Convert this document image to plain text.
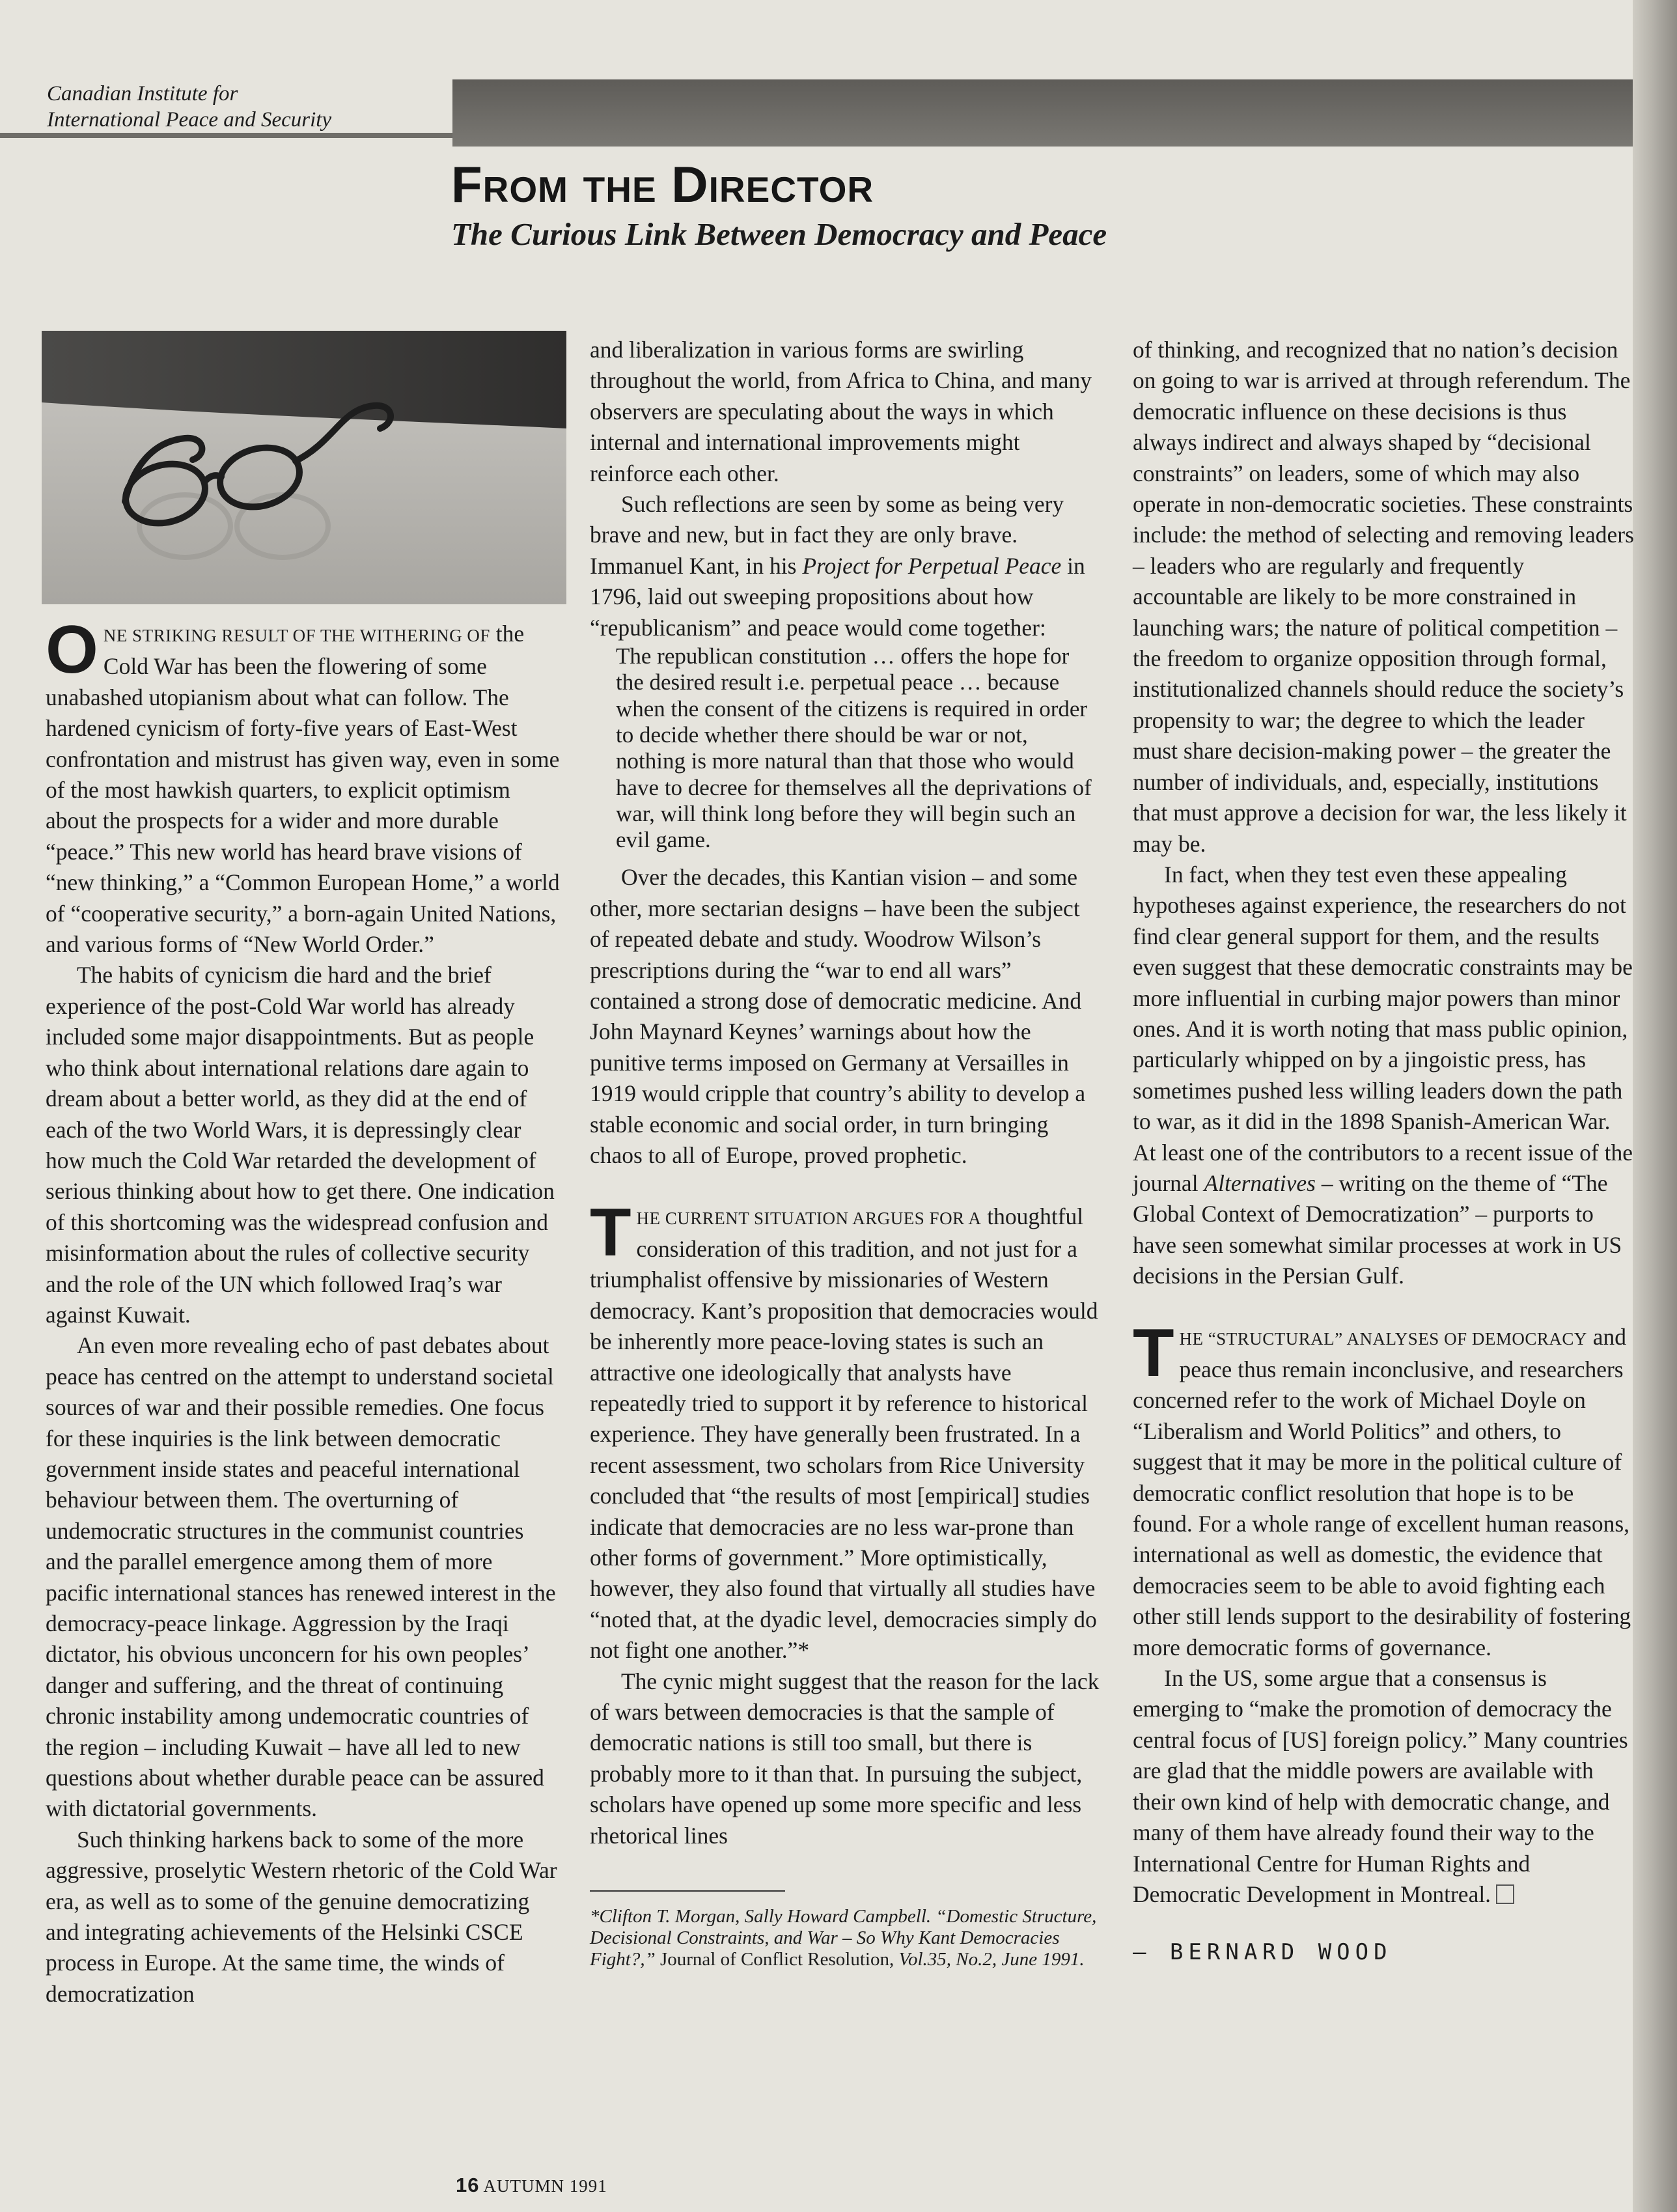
Canadian Institute for
International Peace and Security
From the Director
The Curious Link Between Democracy and Peace

ONE STRIKING RESULT OF THE WITHERING OF the Cold War has been the flowering of some unabashed utopianism about what can follow. The hardened cynicism of forty-five years of East-West confrontation and mistrust has given way, even in some of the most hawkish quarters, to explicit optimism about the prospects for a wider and more durable “peace.” This new world has heard brave visions of “new thinking,” a “Common European Home,” a world of “cooperative security,” a born-again United Nations, and various forms of “New World Order.”

The habits of cynicism die hard and the brief experience of the post-Cold War world has already included some major disappointments. But as people who think about international relations dare again to dream about a better world, as they did at the end of each of the two World Wars, it is depressingly clear how much the Cold War retarded the development of serious thinking about how to get there. One indication of this shortcoming was the widespread confusion and misinformation about the rules of collective security and the role of the UN which followed Iraq’s war against Kuwait.

An even more revealing echo of past debates about peace has centred on the attempt to understand societal sources of war and their possible remedies. One focus for these inquiries is the link between democratic government inside states and peaceful international behaviour between them. The overturning of undemocratic structures in the communist countries and the parallel emergence among them of more pacific international stances has renewed interest in the democracy-peace linkage. Aggression by the Iraqi dictator, his obvious unconcern for his own peoples’ danger and suffering, and the threat of continuing chronic instability among undemocratic countries of the region – including Kuwait – have all led to new questions about whether durable peace can be assured with dictatorial governments.

Such thinking harkens back to some of the more aggressive, proselytic Western rhetoric of the Cold War era, as well as to some of the genuine democratizing and integrating achievements of the Helsinki CSCE process in Europe. At the same time, the winds of democratization

and liberalization in various forms are swirling throughout the world, from Africa to China, and many observers are speculating about the ways in which internal and international improvements might reinforce each other.

Such reflections are seen by some as being very brave and new, but in fact they are only brave. Immanuel Kant, in his Project for Perpetual Peace in 1796, laid out sweeping propositions about how “republicanism” and peace would come together:

The republican constitution … offers the hope for the desired result i.e. perpetual peace … because when the consent of the citizens is required in order to decide whether there should be war or not, nothing is more natural than that those who would have to decree for themselves all the deprivations of war, will think long before they will begin such an evil game.

Over the decades, this Kantian vision – and some other, more sectarian designs – have been the subject of repeated debate and study. Woodrow Wilson’s prescriptions during the “war to end all wars” contained a strong dose of democratic medicine. And John Maynard Keynes’ warnings about how the punitive terms imposed on Germany at Versailles in 1919 would cripple that country’s ability to develop a stable economic and social order, in turn bringing chaos to all of Europe, proved prophetic.

THE CURRENT SITUATION ARGUES FOR A thoughtful consideration of this tradition, and not just for a triumphalist offensive by missionaries of Western democracy. Kant’s proposition that democracies would be inherently more peace-loving states is such an attractive one ideologically that analysts have repeatedly tried to support it by reference to historical experience. They have generally been frustrated. In a recent assessment, two scholars from Rice University concluded that “the results of most [empirical] studies indicate that democracies are no less war-prone than other forms of government.” More optimistically, however, they also found that virtually all studies have “noted that, at the dyadic level, democracies simply do not fight one another.”*

The cynic might suggest that the reason for the lack of wars between democracies is that the sample of democratic nations is still too small, but there is probably more to it than that. In pursuing the subject, scholars have opened up some more specific and less rhetorical lines

*Clifton T. Morgan, Sally Howard Campbell. “Domestic Structure, Decisional Constraints, and War – So Why Kant Democracies Fight?,” Journal of Conflict Resolution, Vol.35, No.2, June 1991.

of thinking, and recognized that no nation’s decision on going to war is arrived at through referendum. The democratic influence on these decisions is thus always indirect and always shaped by “decisional constraints” on leaders, some of which may also operate in non-democratic societies. These constraints include: the method of selecting and removing leaders – leaders who are regularly and frequently accountable are likely to be more constrained in launching wars; the nature of political competition – the freedom to organize opposition through formal, institutionalized channels should reduce the society’s propensity to war; the degree to which the leader must share decision-making power – the greater the number of individuals, and, especially, institutions that must approve a decision for war, the less likely it may be.

In fact, when they test even these appealing hypotheses against experience, the researchers do not find clear general support for them, and the results even suggest that these democratic constraints may be more influential in curbing major powers than minor ones. And it is worth noting that mass public opinion, particularly whipped on by a jingoistic press, has sometimes pushed less willing leaders down the path to war, as it did in the 1898 Spanish-American War. At least one of the contributors to a recent issue of the journal Alternatives – writing on the theme of “The Global Context of Democratization” – purports to have seen somewhat similar processes at work in US decisions in the Persian Gulf.

THE “STRUCTURAL” ANALYSES OF DEMOCRACY and peace thus remain inconclusive, and researchers concerned refer to the work of Michael Doyle on “Liberalism and World Politics” and others, to suggest that it may be more in the political culture of democratic conflict resolution that hope is to be found. For a whole range of excellent human reasons, international as well as domestic, the evidence that democracies seem to be able to avoid fighting each other still lends support to the desirability of fostering more democratic forms of governance.

In the US, some argue that a consensus is emerging to “make the promotion of democracy the central focus of [US] foreign policy.” Many countries are glad that the middle powers are available with their own kind of help with democratic change, and many of them have already found their way to the International Centre for Human Rights and Democratic Development in Montreal.

– BERNARD WOOD

16 AUTUMN 1991
